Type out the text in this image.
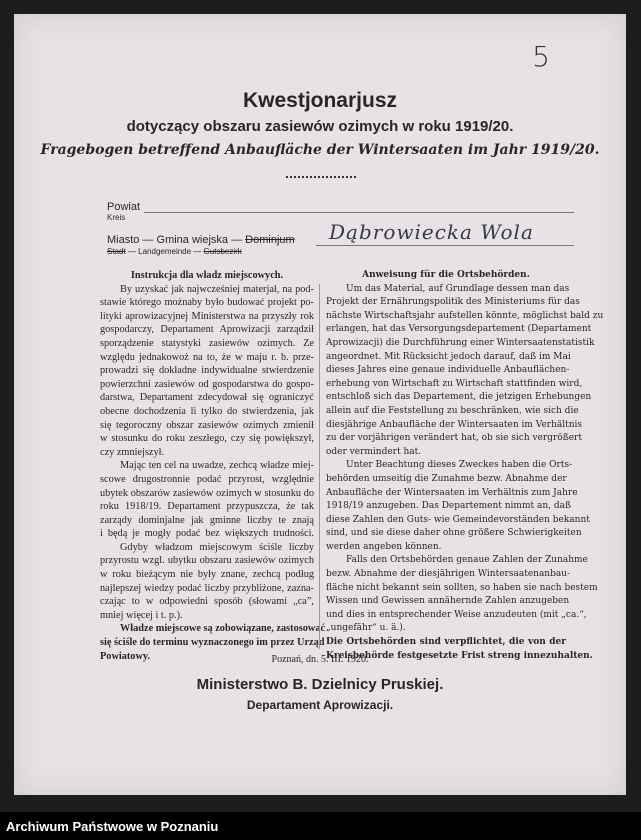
5
Kwestjonarjusz
dotyczący obszaru zasiewów ozimych w roku 1919/20.
Fragebogen betreffend Anbaufläche der Wintersaaten im Jahr 1919/20.
Powiat
Kreis
Miasto — Gmina wiejska — Dominjum
Stadt — Landgemeinde — Gutsbezirk
Dąbrowiecka Wola
Instrukcja dla władz miejscowych.
By uzyskać jak najwcześniej materjał, na pod-
stawie którego możnaby było budować projekt po-
lityki aprowizacyjnej Ministerstwa na przyszły rok
gospodarczy, Departament Aprowizacji zarządził
sporządzenie statystyki zasiewów ozimych. Ze
względu jednakowoż na to, że w maju r. b. prze-
prowadzi się dokładne indywidualne stwierdzenie
powierzchni zasiewów od gospodarstwa do gospo-
darstwa, Departament zdecydował się ograniczyć
obecne dochodzenia li tylko do stwierdzenia, jak
się tegoroczny obszar zasiewów ozimych zmienił
w stosunku do roku zeszłego, czy się powiększył,
czy zmniejszył.
Mając ten cel na uwadze, zechcą władze miej-
scowe drugostronnie podać przyrost, względnie
ubytek obszarów zasiewów ozimych w stosunku do
roku 1918/19. Departament przypuszcza, że tak
zarządy dominjalne jak gminne liczby te znają
i będą je mogły podać bez większych trudności.
Gdyby władzom miejscowym ściśle liczby
przyrostu wzgl. ubytku obszaru zasiewów ozimych
w roku bieżącym nie były znane, zechcą podług
najlepszej wiedzy podać liczby przybliżone, zaznа-
czając to w odpowiedni sposób (słowami „ca”,
mniej więcej i t. p.).
Władze miejscowe są zobowiązane, zastosować
się ściśle do terminu wyznaczonego im przez Urząd
Powiatowy.
Anweisung für die Ortsbehörden.
Um das Material, auf Grundlage dessen man das
Projekt der Ernährungspolitik des Ministeriums für das
nächste Wirtschaftsjahr aufstellen könnte, möglichst bald zu
erlangen, hat das Versorgungsdepartement (Departament
Aprowizacji) die Durchführung einer Wintersaatenstatistik
angeordnet. Mit Rücksicht jedoch darauf, daß im Mai
dieses Jahres eine genaue individuelle Anbauflächen-
erhebung von Wirtschaft zu Wirtschaft stattfinden wird,
entschloß sich das Departement, die jetzigen Erhebungen
allein auf die Feststellung zu beschränken, wie sich die
diesjährige Anbaufläche der Wintersaaten im Verhältnis
zu der vorjährigen verändert hat, ob sie sich vergrößert
oder vermindert hat.
Unter Beachtung dieses Zweckes haben die Orts-
behörden umseitig die Zunahme bezw. Abnahme der
Anbaufläche der Wintersaaten im Verhältnis zum Jahre
1918/19 anzugeben. Das Departement nimmt an, daß
diese Zahlen den Guts- wie Gemeindevorständen bekannt
sind, und sie diese daher ohne größere Schwierigkeiten
werden angeben können.
Falls den Ortsbehörden genaue Zahlen der Zunahme
bezw. Abnahme der diesjährigen Wintersaatenanbau-
fläche nicht bekannt sein sollten, so haben sie nach bestem
Wissen und Gewissen annähernde Zahlen anzugeben
und dies in entsprechender Weise anzudeuten (mit „ca.“,
„ungefähr“ u. ä.).
Die Ortsbehörden sind verpflichtet, die von der
Kreisbehörde festgesetzte Frist streng innezuhalten.
Poznań, dn. 5. III. 1920.
Ministerstwo B. Dzielnicy Pruskiej.
Departament Aprowizacji.
Archiwum Państwowe w Poznaniu
